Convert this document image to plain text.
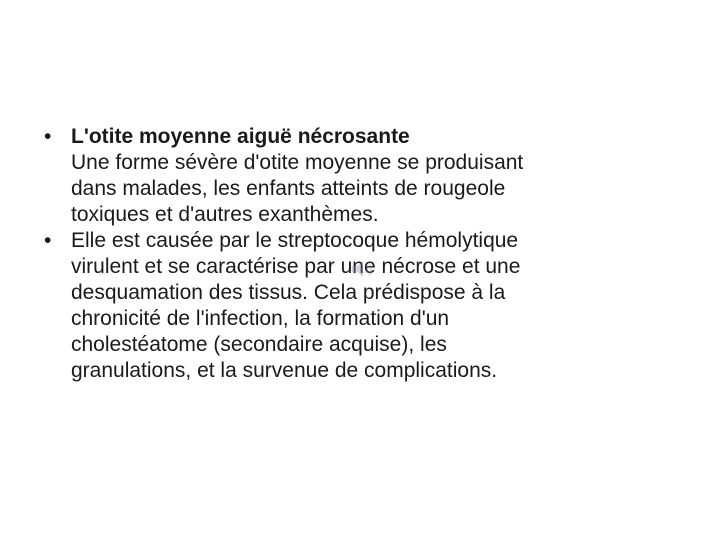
• L'otite moyenne aiguë nécrosante
Une forme sévère d'otite moyenne se produisant
dans malades, les enfants atteints de rougeole
toxiques et d'autres exanthèmes.
• Elle est causée par le streptocoque hémolytique
virulent et se caractérise par une nécrose et une
desquamation des tissus. Cela prédispose à la
chronicité de l'infection, la formation d'un
cholestéatome (secondaire acquise), les
granulations, et la survenue de complications.
